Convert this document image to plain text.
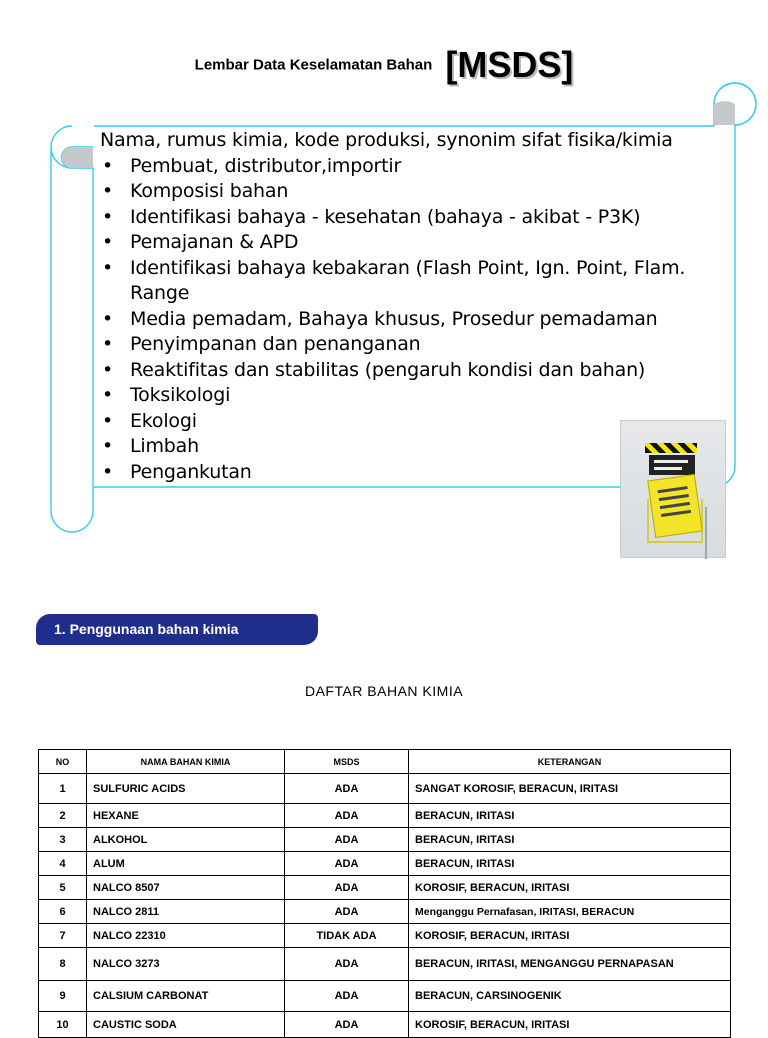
Lembar Data Keselamatan Bahan [MSDS]
Nama, rumus kimia, kode produksi, synonim sifat fisika/kimia
• Pembuat, distributor,importir
• Komposisi bahan
• Identifikasi bahaya - kesehatan (bahaya - akibat - P3K)
• Pemajanan & APD
• Identifikasi bahaya kebakaran (Flash Point, Ign. Point, Flam. Range
• Media pemadam, Bahaya khusus, Prosedur pemadaman
• Penyimpanan dan penanganan
• Reaktifitas dan stabilitas (pengaruh kondisi dan bahan)
• Toksikologi
• Ekologi
• Limbah
• Pengankutan
1. Penggunaan bahan kimia
DAFTAR BAHAN KIMIA
NO	NAMA BAHAN KIMIA	MSDS	KETERANGAN
1	SULFURIC ACIDS	ADA	SANGAT KOROSIF, BERACUN, IRITASI
2	HEXANE	ADA	BERACUN, IRITASI
3	ALKOHOL	ADA	BERACUN, IRITASI
4	ALUM	ADA	BERACUN, IRITASI
5	NALCO 8507	ADA	KOROSIF, BERACUN, IRITASI
6	NALCO 2811	ADA	Menganggu Pernafasan, IRITASI, BERACUN
7	NALCO 22310	TIDAK ADA	KOROSIF, BERACUN, IRITASI
8	NALCO 3273	ADA	BERACUN, IRITASI, MENGANGGU PERNAPASAN
9	CALSIUM CARBONAT	ADA	BERACUN, CARSINOGENIK
10	CAUSTIC SODA	ADA	KOROSIF, BERACUN, IRITASI
